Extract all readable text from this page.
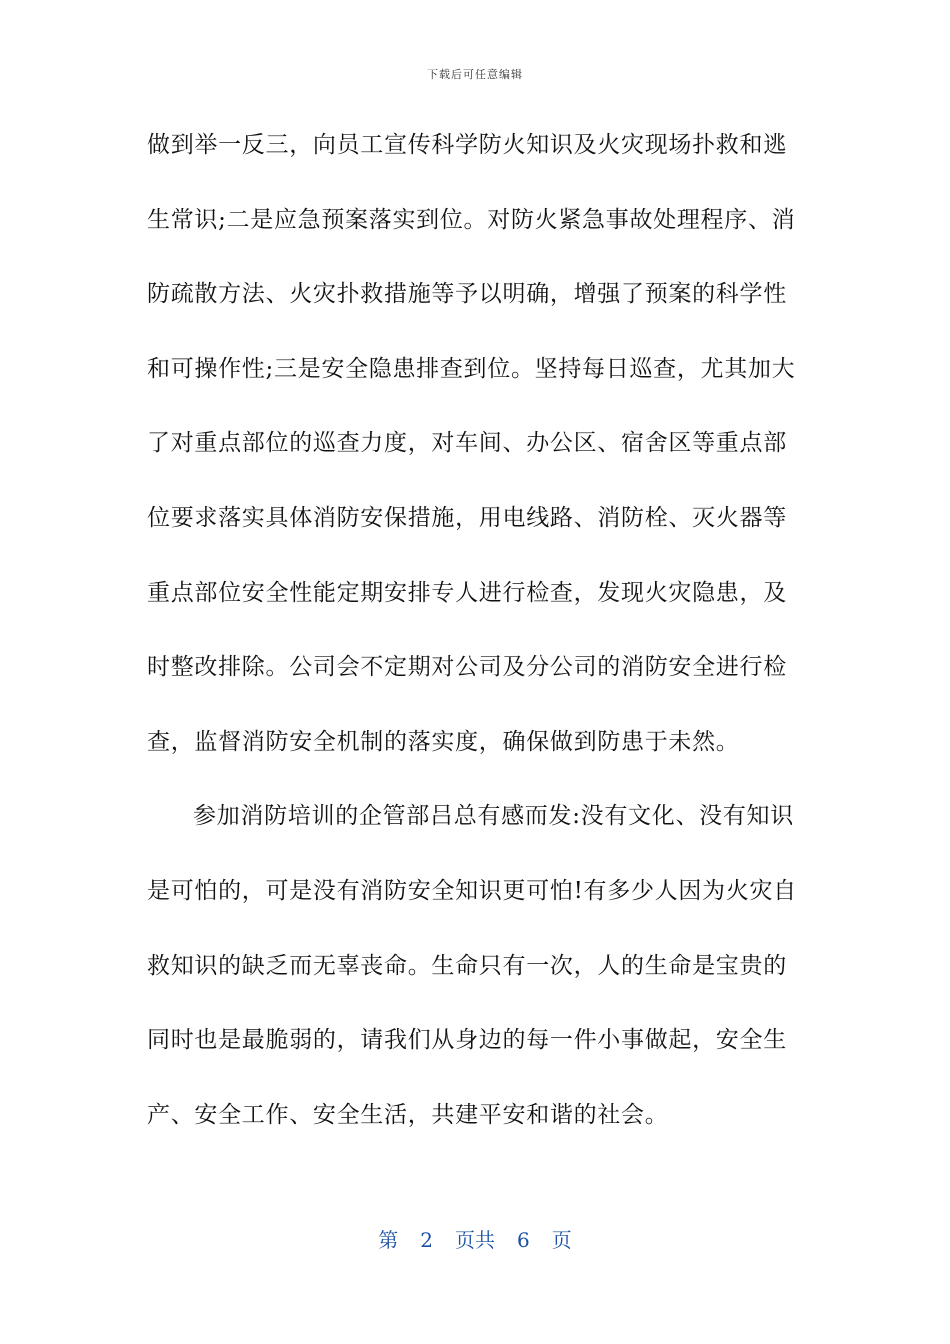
下载后可任意编辑
做到举一反三，向员工宣传科学防火知识及火灾现场扑救和逃
生常识;二是应急预案落实到位。对防火紧急事故处理程序、消
防疏散方法、火灾扑救措施等予以明确，增强了预案的科学性
和可操作性;三是安全隐患排查到位。坚持每日巡查，尤其加大
了对重点部位的巡查力度，对车间、办公区、宿舍区等重点部
位要求落实具体消防安保措施，用电线路、消防栓、灭火器等
重点部位安全性能定期安排专人进行检查，发现火灾隐患，及
时整改排除。公司会不定期对公司及分公司的消防安全进行检
查，监督消防安全机制的落实度，确保做到防患于未然。
参加消防培训的企管部吕总有感而发:没有文化、没有知识
是可怕的，可是没有消防安全知识更可怕!有多少人因为火灾自
救知识的缺乏而无辜丧命。生命只有一次，人的生命是宝贵的
同时也是最脆弱的，请我们从身边的每一件小事做起，安全生
产、安全工作、安全生活，共建平安和谐的社会。
第 2 页共 6 页
